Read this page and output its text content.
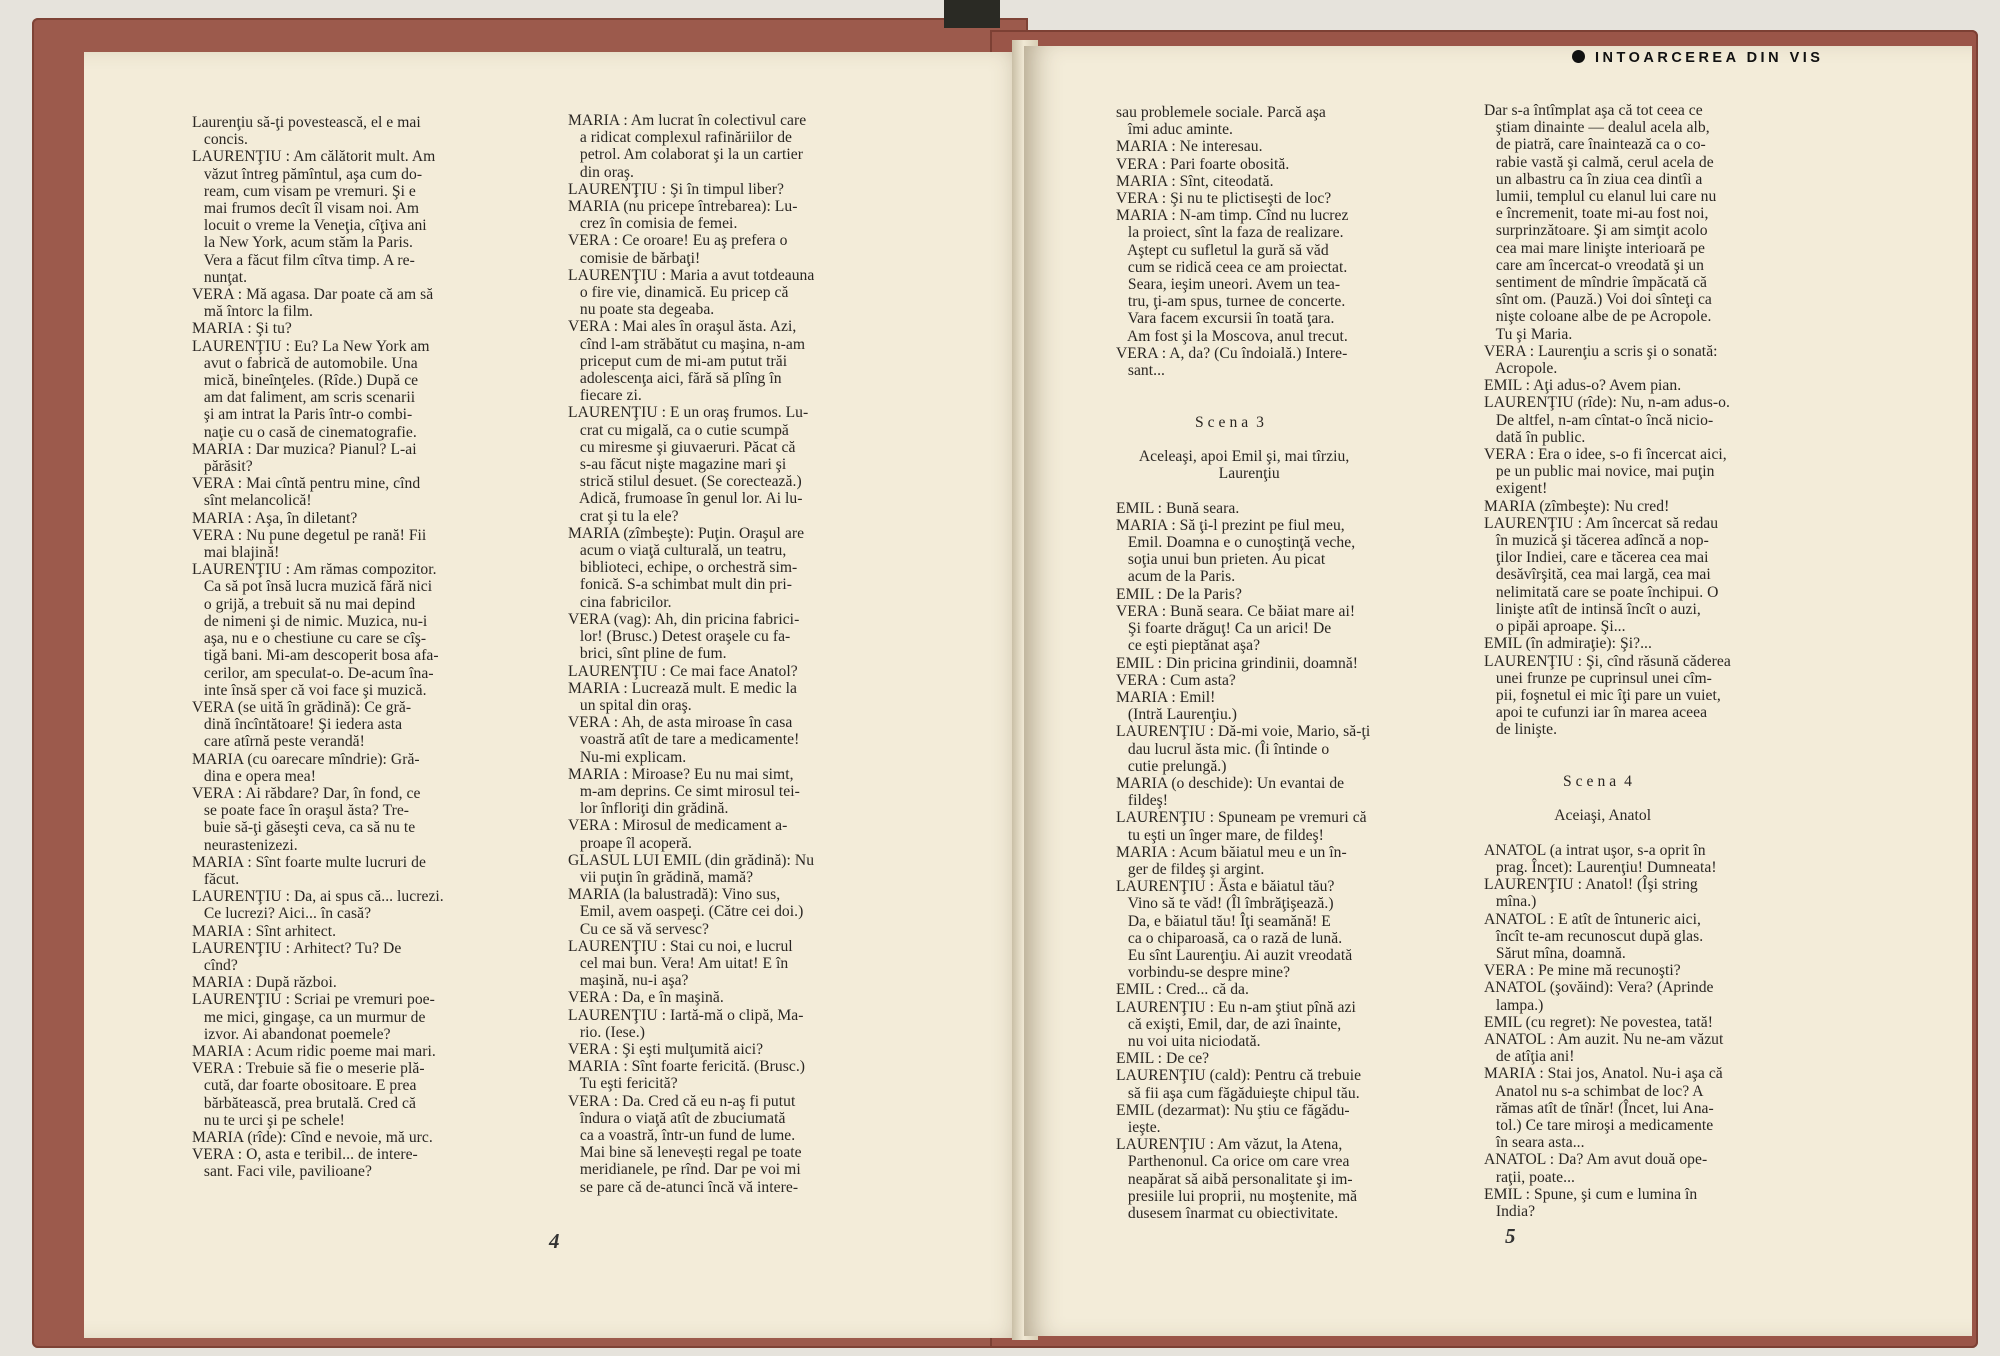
Laurenţiu să-ţi povestească, el e mai
concis.
LAURENŢIU : Am călătorit mult. Am
văzut întreg pămîntul, aşa cum do-
ream, cum visam pe vremuri. Şi e
mai frumos decît îl visam noi. Am
locuit o vreme la Veneţia, cîţiva ani
la New York, acum stăm la Paris.
Vera a făcut film cîtva timp. A re-
nunţat.
VERA : Mă agasa. Dar poate că am să
mă întorc la film.
MARIA : Şi tu?
LAURENŢIU : Eu? La New York am
avut o fabrică de automobile. Una
mică, bineînţeles. (Rîde.) După ce
am dat faliment, am scris scenarii
şi am intrat la Paris într-o combi-
naţie cu o casă de cinematografie.
MARIA : Dar muzica? Pianul? L-ai
părăsit?
VERA : Mai cîntă pentru mine, cînd
sînt melancolică!
MARIA : Aşa, în diletant?
VERA : Nu pune degetul pe rană! Fii
mai blajină!
LAURENŢIU : Am rămas compozitor.
Ca să pot însă lucra muzică fără nici
o grijă, a trebuit să nu mai depind
de nimeni şi de nimic. Muzica, nu-i
aşa, nu e o chestiune cu care se cîş-
tigă bani. Mi-am descoperit bosa afa-
cerilor, am speculat-o. De-acum îna-
inte însă sper că voi face şi muzică.
VERA (se uită în grădină): Ce gră-
dină încîntătoare! Şi iedera asta
care atîrnă peste verandă!
MARIA (cu oarecare mîndrie): Gră-
dina e opera mea!
VERA : Ai răbdare? Dar, în fond, ce
se poate face în oraşul ăsta? Tre-
buie să-ţi găseşti ceva, ca să nu te
neurastenizezi.
MARIA : Sînt foarte multe lucruri de
făcut.
LAURENŢIU : Da, ai spus că... lucrezi.
Ce lucrezi? Aici... în casă?
MARIA : Sînt arhitect.
LAURENŢIU : Arhitect? Tu? De
cînd?
MARIA : După război.
LAURENŢIU : Scriai pe vremuri poe-
me mici, gingaşe, ca un murmur de
izvor. Ai abandonat poemele?
MARIA : Acum ridic poeme mai mari.
VERA : Trebuie să fie o meserie plă-
cută, dar foarte obositoare. E prea
bărbătească, prea brutală. Cred că
nu te urci şi pe schele!
MARIA (rîde): Cînd e nevoie, mă urc.
VERA : O, asta e teribil... de intere-
sant. Faci vile, pavilioane?
MARIA : Am lucrat în colectivul care
a ridicat complexul rafinăriilor de
petrol. Am colaborat şi la un cartier
din oraş.
LAURENŢIU : Şi în timpul liber?
MARIA (nu pricepe întrebarea): Lu-
crez în comisia de femei.
VERA : Ce oroare! Eu aş prefera o
comisie de bărbaţi!
LAURENŢIU : Maria a avut totdeauna
o fire vie, dinamică. Eu pricep că
nu poate sta degeaba.
VERA : Mai ales în oraşul ăsta. Azi,
cînd l-am străbătut cu maşina, n-am
priceput cum de mi-am putut trăi
adolescenţa aici, fără să plîng în
fiecare zi.
LAURENŢIU : E un oraş frumos. Lu-
crat cu migală, ca o cutie scumpă
cu miresme şi giuvaeruri. Păcat că
s-au făcut nişte magazine mari şi
strică stilul desuet. (Se corectează.)
Adică, frumoase în genul lor. Ai lu-
crat şi tu la ele?
MARIA (zîmbeşte): Puţin. Oraşul are
acum o viaţă culturală, un teatru,
biblioteci, echipe, o orchestră sim-
fonică. S-a schimbat mult din pri-
cina fabricilor.
VERA (vag): Ah, din pricina fabrici-
lor! (Brusc.) Detest oraşele cu fa-
brici, sînt pline de fum.
LAURENŢIU : Ce mai face Anatol?
MARIA : Lucrează mult. E medic la
un spital din oraş.
VERA : Ah, de asta miroase în casa
voastră atît de tare a medicamente!
Nu-mi explicam.
MARIA : Miroase? Eu nu mai simt,
m-am deprins. Ce simt mirosul tei-
lor înfloriţi din grădină.
VERA : Mirosul de medicament a-
proape îl acoperă.
GLASUL LUI EMIL (din grădină): Nu
vii puţin în grădină, mamă?
MARIA (la balustradă): Vino sus,
Emil, avem oaspeţi. (Către cei doi.)
Cu ce să vă servesc?
LAURENŢIU : Stai cu noi, e lucrul
cel mai bun. Vera! Am uitat! E în
maşină, nu-i aşa?
VERA : Da, e în maşină.
LAURENŢIU : Iartă-mă o clipă, Ma-
rio. (Iese.)
VERA : Şi eşti mulţumită aici?
MARIA : Sînt foarte fericită. (Brusc.)
Tu eşti fericită?
VERA : Da. Cred că eu n-aş fi putut
îndura o viaţă atît de zbuciumată
ca a voastră, într-un fund de lume.
Mai bine să lenevești regal pe toate
meridianele, pe rînd. Dar pe voi mi
se pare că de-atunci încă vă intere-
4
sau problemele sociale. Parcă aşa
îmi aduc aminte.
MARIA : Ne interesau.
VERA : Pari foarte obosită.
MARIA : Sînt, citeodată.
VERA : Şi nu te plictiseşti de loc?
MARIA : N-am timp. Cînd nu lucrez
la proiect, sînt la faza de realizare.
Aştept cu sufletul la gură să văd
cum se ridică ceea ce am proiectat.
Seara, ieşim uneori. Avem un tea-
tru, ţi-am spus, turnee de concerte.
Vara facem excursii în toată ţara.
Am fost şi la Moscova, anul trecut.
VERA : A, da? (Cu îndoială.) Intere-
sant...

S c e n a  3

Aceleaşi, apoi Emil şi, mai tîrziu,
Laurenţiu

EMIL : Bună seara.
MARIA : Să ţi-l prezint pe fiul meu,
Emil. Doamna e o cunoştinţă veche,
soţia unui bun prieten. Au picat
acum de la Paris.
EMIL : De la Paris?
VERA : Bună seara. Ce băiat mare ai!
Şi foarte drăguţ! Ca un arici! De
ce eşti pieptănat aşa?
EMIL : Din pricina grindinii, doamnă!
VERA : Cum asta?
MARIA : Emil!
(Intră Laurenţiu.)
LAURENŢIU : Dă-mi voie, Mario, să-ţi
dau lucrul ăsta mic. (Îi întinde o
cutie prelungă.)
MARIA (o deschide): Un evantai de
fildeş!
LAURENŢIU : Spuneam pe vremuri că
tu eşti un înger mare, de fildeş!
MARIA : Acum băiatul meu e un în-
ger de fildeş şi argint.
LAURENŢIU : Ăsta e băiatul tău?
Vino să te văd! (Îl îmbrăţişează.)
Da, e băiatul tău! Îţi seamănă! E
ca o chiparoasă, ca o rază de lună.
Eu sînt Laurenţiu. Ai auzit vreodată
vorbindu-se despre mine?
EMIL : Cred... că da.
LAURENŢIU : Eu n-am ştiut pînă azi
că exişti, Emil, dar, de azi înainte,
nu voi uita niciodată.
EMIL : De ce?
LAURENŢIU (cald): Pentru că trebuie
să fii aşa cum făgăduieşte chipul tău.
EMIL (dezarmat): Nu ştiu ce făgădu-
ieşte.
LAURENŢIU : Am văzut, la Atena,
Parthenonul. Ca orice om care vrea
neapărat să aibă personalitate şi im-
presiile lui proprii, nu moştenite, mă
dusesem înarmat cu obiectivitate.
Dar s-a întîmplat aşa că tot ceea ce
ştiam dinainte — dealul acela alb,
de piatră, care înaintează ca o co-
rabie vastă şi calmă, cerul acela de
un albastru ca în ziua cea dintîi a
lumii, templul cu elanul lui care nu
e încremenit, toate mi-au fost noi,
surprinzătoare. Şi am simţit acolo
cea mai mare linişte interioară pe
care am încercat-o vreodată şi un
sentiment de mîndrie împăcată că
sînt om. (Pauză.) Voi doi sînteţi ca
nişte coloane albe de pe Acropole.
Tu şi Maria.
VERA : Laurenţiu a scris şi o sonată:
Acropole.
EMIL : Aţi adus-o? Avem pian.
LAURENŢIU (rîde): Nu, n-am adus-o.
De altfel, n-am cîntat-o încă nicio-
dată în public.
VERA : Era o idee, s-o fi încercat aici,
pe un public mai novice, mai puţin
exigent!
MARIA (zîmbeşte): Nu cred!
LAURENŢIU : Am încercat să redau
în muzică şi tăcerea adîncă a nop-
ţilor Indiei, care e tăcerea cea mai
desăvîrşită, cea mai largă, cea mai
nelimitată care se poate închipui. O
linişte atît de intinsă încît o auzi,
o pipăi aproape. Şi...
EMIL (în admiraţie): Şi?...
LAURENŢIU : Şi, cînd răsună căderea
unei frunze pe cuprinsul unei cîm-
pii, foşnetul ei mic îţi pare un vuiet,
apoi te cufunzi iar în marea aceea
de linişte.

S c e n a  4

Aceiaşi, Anatol

ANATOL (a intrat uşor, s-a oprit în
prag. Încet): Laurenţiu! Dumneata!
LAURENŢIU : Anatol! (Îşi string
mîna.)
ANATOL : E atît de întuneric aici,
încît te-am recunoscut după glas.
Sărut mîna, doamnă.
VERA : Pe mine mă recunoşti?
ANATOL (şovăind): Vera? (Aprinde
lampa.)
EMIL (cu regret): Ne povestea, tată!
ANATOL : Am auzit. Nu ne-am văzut
de atîţia ani!
MARIA : Stai jos, Anatol. Nu-i aşa că
Anatol nu s-a schimbat de loc? A
rămas atît de tînăr! (Încet, lui Ana-
tol.) Ce tare miroşi a medicamente
în seara asta...
ANATOL : Da? Am avut două ope-
raţii, poate...
EMIL : Spune, şi cum e lumina în
India?
5
INTOARCEREA DIN VIS
